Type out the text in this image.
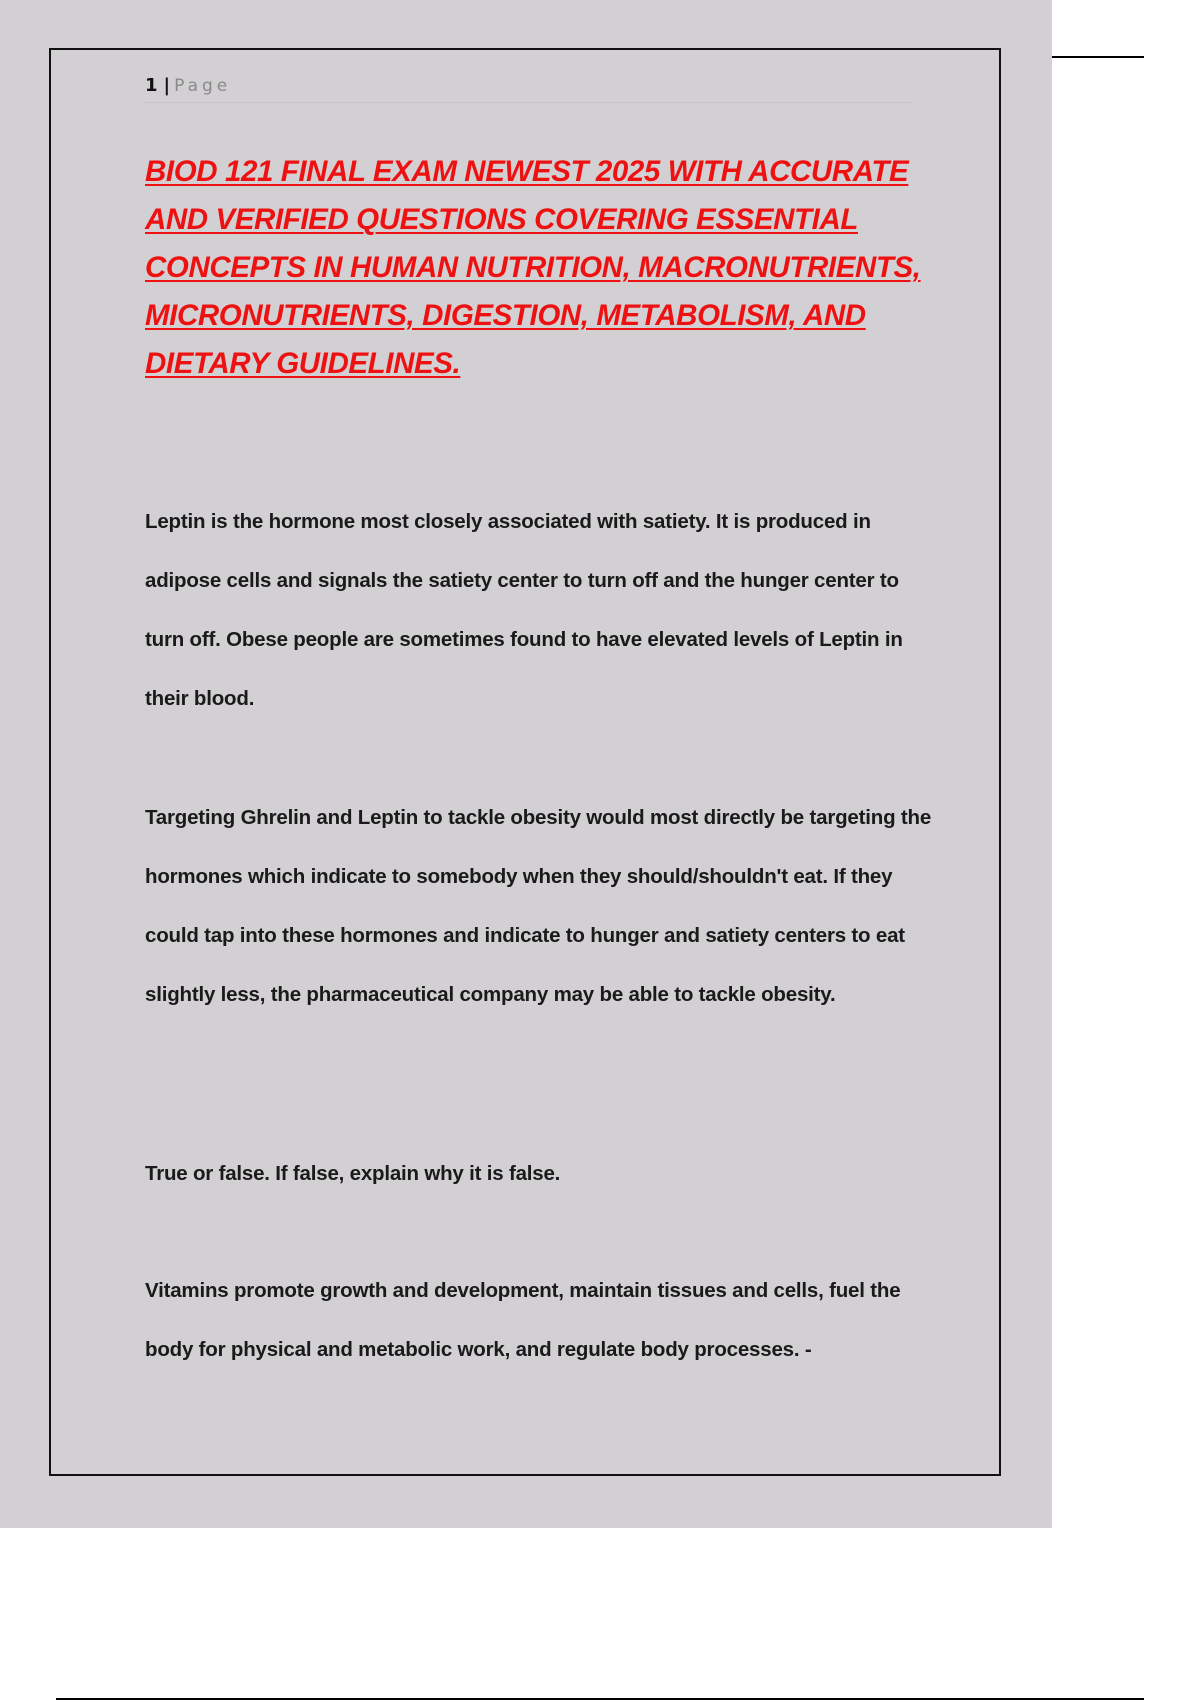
1 | Page
BIOD 121 FINAL EXAM NEWEST 2025 WITH ACCURATE AND VERIFIED QUESTIONS COVERING ESSENTIAL CONCEPTS IN HUMAN NUTRITION, MACRONUTRIENTS, MICRONUTRIENTS, DIGESTION, METABOLISM, AND DIETARY GUIDELINES.

Leptin is the hormone most closely associated with satiety. It is produced in adipose cells and signals the satiety center to turn off and the hunger center to turn off. Obese people are sometimes found to have elevated levels of Leptin in their blood.

Targeting Ghrelin and Leptin to tackle obesity would most directly be targeting the hormones which indicate to somebody when they should/shouldn't eat. If they could tap into these hormones and indicate to hunger and satiety centers to eat slightly less, the pharmaceutical company may be able to tackle obesity.

True or false. If false, explain why it is false.

Vitamins promote growth and development, maintain tissues and cells, fuel the body for physical and metabolic work, and regulate body processes. -
